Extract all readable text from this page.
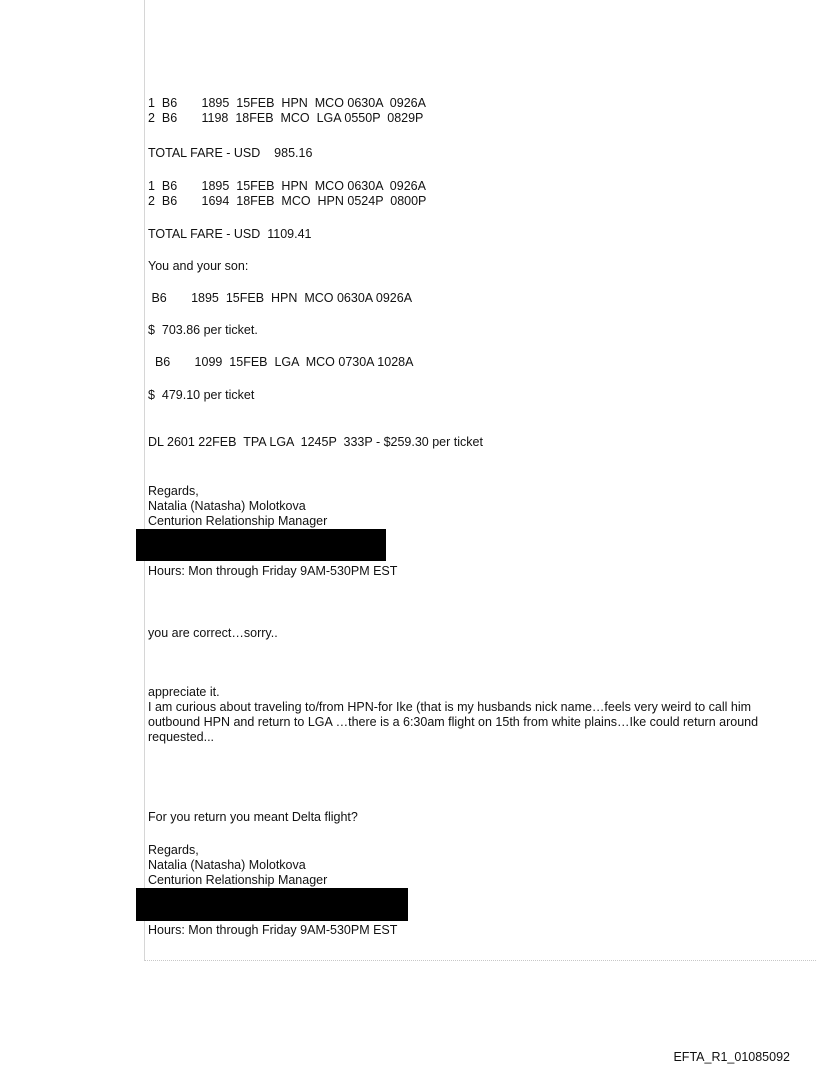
1  B6       1895  15FEB  HPN  MCO 0630A  0926A
2  B6       1198  18FEB  MCO  LGA 0550P  0829P
TOTAL FARE - USD    985.16
1  B6       1895  15FEB  HPN  MCO 0630A  0926A
2  B6       1694  18FEB  MCO  HPN 0524P  0800P
TOTAL FARE - USD  1109.41
You and your son:
B6       1895  15FEB  HPN  MCO 0630A 0926A
$  703.86 per ticket.
B6       1099  15FEB  LGA  MCO 0730A 1028A
$  479.10 per ticket
DL 2601 22FEB  TPA LGA  1245P  333P - $259.30 per ticket
Regards,
Natalia (Natasha) Molotkova
Centurion Relationship Manager
Hours: Mon through Friday 9AM-530PM EST
you are correct…sorry..
appreciate it.
I am curious about traveling to/from HPN-for Ike (that is my husbands nick name…feels very weird to call him
outbound HPN and return to LGA …there is a 6:30am flight on 15th from white plains…Ike could return around
requested...
For you return you meant Delta flight?
Regards,
Natalia (Natasha) Molotkova
Centurion Relationship Manager
Hours: Mon through Friday 9AM-530PM EST
EFTA_R1_01085092
